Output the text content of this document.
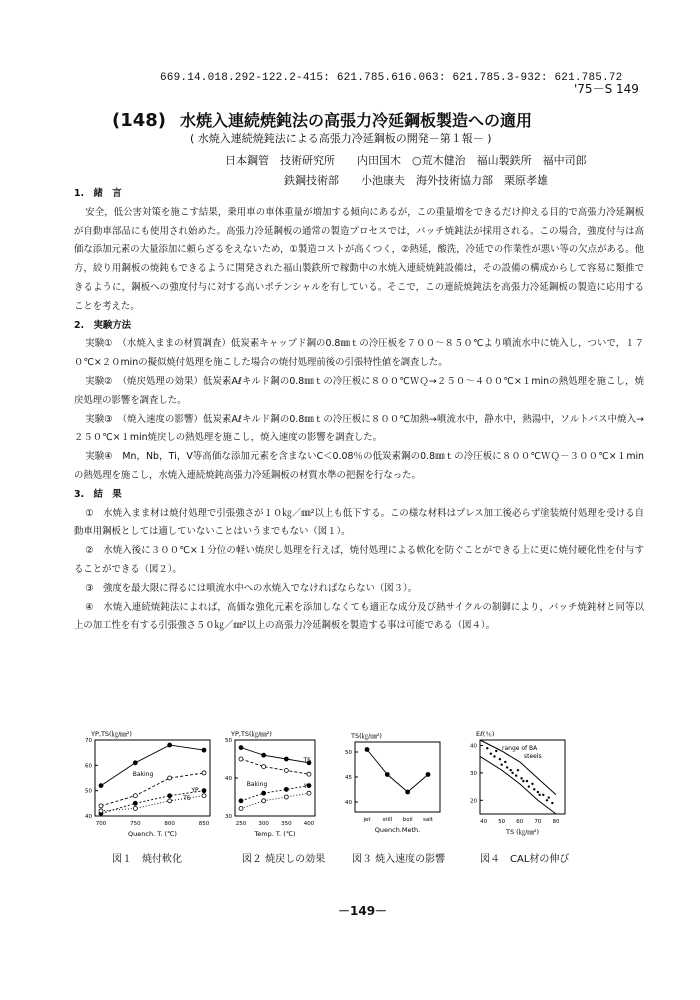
669.14.018.292-122.2-415: 621.785.616.063: 621.785.3-932: 621.785.72
'75－S 149
(148) 水焼入連続焼鈍法の高張力冷延鋼板製造への適用
( 水焼入連続焼鈍法による高張力冷延鋼板の開発－第１報－ )
日本鋼管　技術研究所　　内田国木　○荒木健治　福山製鉄所　福中司郎
鉄鋼技術部　　小池康夫　海外技術協力部　栗原孝雄

1.　緒　言

安全，低公害対策を施こす結果，乗用車の車体重量が増加する傾向にあるが，この重量増をできるだけ抑える目的で高張力冷延鋼板が自動車部品にも使用され始めた。高張力冷延鋼板の通常の製造プロセスでは，バッチ焼鈍法が採用される。この場合，強度付与は高価な添加元素の大量添加に頼らざるをえないため，①製造コストが高くつく，②熱延，酸洗，冷延での作業性が悪い等の欠点がある。他方，絞り用鋼板の焼鈍もできるように開発された福山製鉄所で稼動中の水焼入連続焼鈍設備は，その設備の構成からして容易に類推できるように，鋼板への強度付与に対する高いポテンシャルを有している。そこで，この連続焼鈍法を高張力冷延鋼板の製造に応用することを考えた。

2.　実験方法

実験①　（水焼入ままの材質調査）低炭素キャップド鋼の0.8㎜ｔの冷圧板を７００～８５０℃より噴流水中に焼入し，ついで，１７０℃×２０minの擬似焼付処理を施こした場合の焼付処理前後の引張特性値を調査した。

実験②　（焼戻処理の効果）低炭素Aℓキルド鋼の0.8㎜ｔの冷圧板に８００℃ＷＱ→２５０～４００℃×１minの熱処理を施こし，焼戻処理の影響を調査した。

実験③　（焼入速度の影響）低炭素Aℓキルド鋼の0.8㎜ｔの冷圧板に８００℃加熱→噴流水中，静水中，熱湯中，ソルトバス中焼入→２５０℃×１min焼戻しの熱処理を施こし，焼入速度の影響を調査した。

実験④　Mn，Nb，Ti，V等高価な添加元素を含まないC＜0.08％の低炭素鋼の0.8㎜ｔの冷圧板に８００℃ＷＱ－３００℃×１minの熱処理を施こし，水焼入連続焼鈍高張力冷延鋼板の材質水準の把握を行なった。

3.　結　果

①　水焼入まま材は焼付処理で引張強さが１０㎏／㎜²以上も低下する。この様な材料はプレス加工後必らず塗装焼付処理を受ける自動車用鋼板としては適していないことはいうまでもない（図１）。

②　水焼入後に３００℃×１分位の軽い焼戻し処理を行えば，焼付処理による軟化を防ぐことができる上に更に焼付硬化性を付与することができる（図２）。

③　強度を最大限に得るには噴流水中への水焼入でなければならない（図３）。

④　水焼入連続焼鈍法によれば，高価な強化元素を添加しなくても適正な成分及び熱サイクルの制御により，バッチ焼鈍材と同等以上の加工性を有する引張強さ５０㎏／㎜²以上の高張力冷延鋼板を製造する事は可能である（図４）。

YP,TS(㎏/㎜²)
Quench. T. (℃)
40
50
60
70
700	750	800	850
Baking
TS
YP
YP,TS(㎏/㎜²)
Temp. T. (℃)
30
40
50
250 300 350 400
TS
Baking	YP
TS(㎏/㎜²)
Quench.Meth.
40
45
50
jet still boil salt
Eℓ(％)
TS (㎏/㎜²)
20
30
40
40 50 60 70 80
range of BA
steels
図１　焼付軟化	図２ 焼戻しの効果	図３ 焼入速度の影響	図４　CAL材の伸び
－149－
